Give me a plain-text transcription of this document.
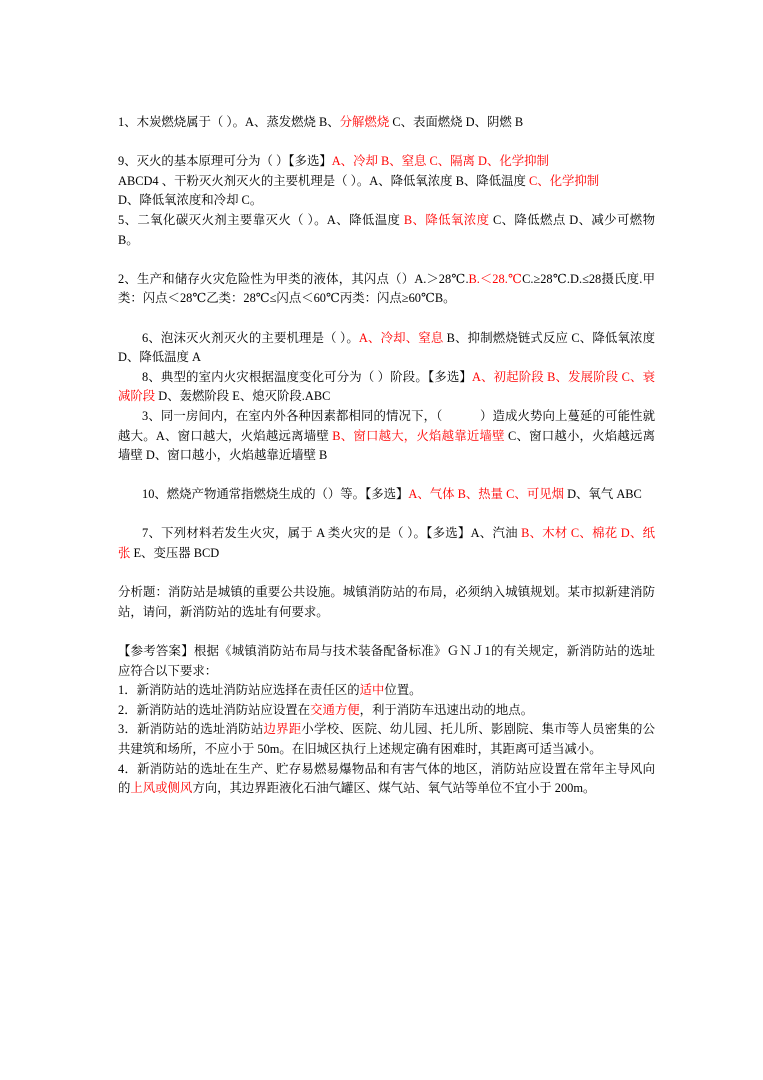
1、木炭燃烧属于（ ）。A、蒸发燃烧 B、分解燃烧 C、表面燃烧 D、阴燃 B

9、灭火的基本原理可分为（ ）【多选】A、冷却 B、窒息 C、隔离 D、化学抑制

ABCD4 、干粉灭火剂灭火的主要机理是（ ）。A、降低氧浓度 B、降低温度 C、化学抑制

D、降低氧浓度和冷却 C。

5、二氧化碳灭火剂主要靠灭火（ ）。A、降低温度 B、降低氧浓度 C、降低燃点 D、减少可燃物 B。

2、生产和储存火灾危险性为甲类的液体，其闪点（）A.＞28℃.B.＜28.℃C.≥28℃.D.≤28摄氏度.甲类：闪点＜28℃乙类：28℃≤闪点＜60℃丙类：闪点≥60℃B。

6、泡沫灭火剂灭火的主要机理是（ ）。A、冷却、窒息 B、抑制燃烧链式反应 C、降低氧浓度 D、降低温度 A

8、典型的室内火灾根据温度变化可分为（ ）阶段。【多选】A、初起阶段 B、发展阶段 C、衰减阶段 D、轰燃阶段 E、熄灭阶段.ABC

3、同一房间内，在室内外各种因素都相同的情况下，（　　　）造成火势向上蔓延的可能性就越大。A、窗口越大，火焰越远离墙壁 B、窗口越大，火焰越靠近墙壁 C、窗口越小，火焰越远离墙壁 D、窗口越小，火焰越靠近墙壁 B

10、燃烧产物通常指燃烧生成的（）等。【多选】A、气体 B、热量 C、可见烟 D、氧气 ABC

7、下列材料若发生火灾，属于 A 类火灾的是（ ）。【多选】A、汽油 B、木材 C、棉花 D、纸张 E、变压器 BCD

分析题：消防站是城镇的重要公共设施。城镇消防站的布局，必须纳入城镇规划。某市拟新建消防站，请问，新消防站的选址有何要求。

【参考答案】根据《城镇消防站布局与技术装备配备标准》ＧＮＪ1的有关规定，新消防站的选址应符合以下要求：

1．新消防站的选址消防站应选择在责任区的适中位置。

2．新消防站的选址消防站应设置在交通方便，利于消防车迅速出动的地点。

3．新消防站的选址消防站边界距小学校、医院、幼儿园、托儿所、影剧院、集市等人员密集的公共建筑和场所，不应小于 50m。在旧城区执行上述规定确有困难时，其距离可适当减小。

4．新消防站的选址在生产、贮存易燃易爆物品和有害气体的地区，消防站应设置在常年主导风向的上风或侧风方向，其边界距液化石油气罐区、煤气站、氧气站等单位不宜小于 200m。
